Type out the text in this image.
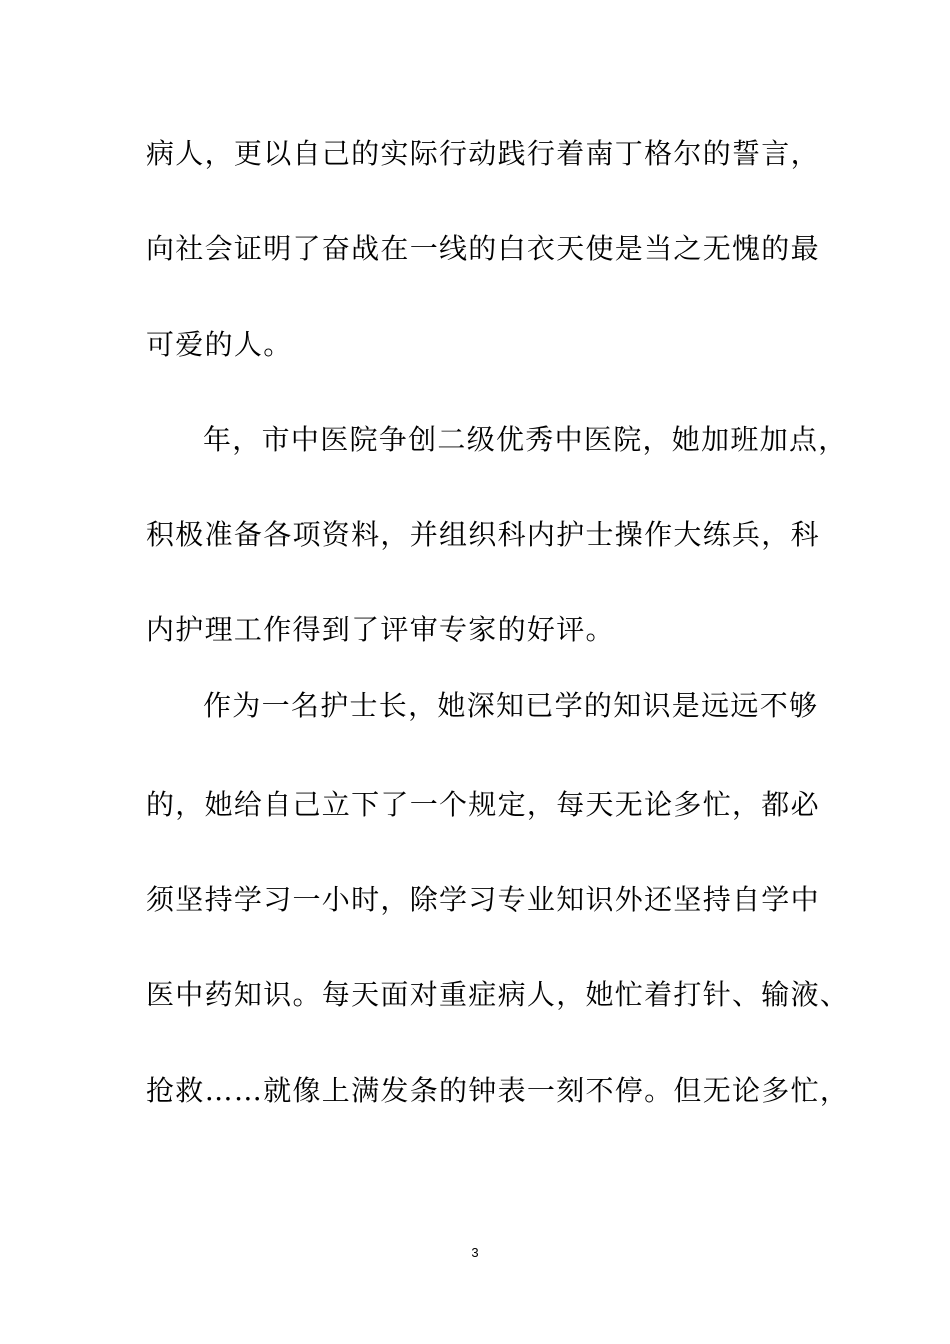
病人，更以自己的实际行动践行着南丁格尔的誓言，
向社会证明了奋战在一线的白衣天使是当之无愧的最
可爱的人。
年，市中医院争创二级优秀中医院，她加班加点，
积极准备各项资料，并组织科内护士操作大练兵，科
内护理工作得到了评审专家的好评。
作为一名护士长，她深知已学的知识是远远不够
的，她给自己立下了一个规定，每天无论多忙，都必
须坚持学习一小时，除学习专业知识外还坚持自学中
医中药知识。每天面对重症病人，她忙着打针、输液、
抢救……就像上满发条的钟表一刻不停。但无论多忙，
3
